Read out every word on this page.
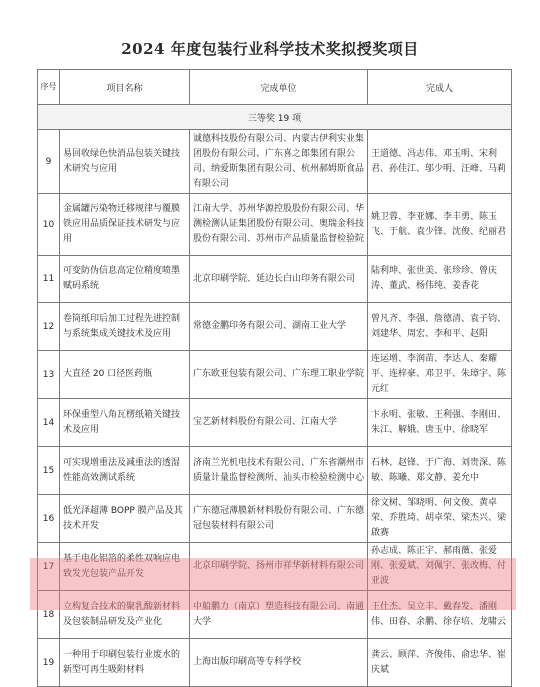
2024 年度包装行业科学技术奖拟授奖项目
序号	项目名称	完成单位	完成人
三等奖 19 项			
9	易回收绿色快消品包装关键技术研究与应用	诚德科技股份有限公司、内蒙古伊利实业集团股份有限公司、广东喜之郎集团有限公司、纳爱斯集团有限公司、杭州郝姆斯食品有限公司	王道德、冯志伟、邓玉明、宋利君、孙佳江、邬少明、汪峰、马莉
10	金属罐污染物迁移规律与覆膜铁应用品质保证技术研发与应用	江南大学、苏州华源控股股份有限公司、华测检测认证集团股份有限公司、奥瑞金科技股份有限公司、苏州市产品质量监督检验院	姚卫蓉、李亚娜、李丰勇、陈玉飞、于航、袁少锋、沈俊、纪丽君
11	可变防伪信息高定位精度喷墨赋码系统	北京印刷学院、延边长白山印务有限公司	陆利坤、张世美、张珍珍、曾庆涛、董武、杨伟纯、姜香花
12	卷筒纸印后加工过程先进控制与系统集成关键技术及应用	常德金鹏印务有限公司、湖南工业大学	曾凡齐、李强、詹德清、袁子钧、刘建华、周宏、李和平、赵阳
13	大直径 20 口径医药瓶	广东欧亚包装有限公司、广东理工职业学院	连运增、李润苗、李达人、秦耀平、连梓豪、邓卫平、朱璋宇、陈元红
14	环保重型八角瓦楞纸箱关键技术及应用	宝艺新材料股份有限公司、江南大学	卞永明、张敏、王利强、李刚田、朱江、解娥、唐玉中、徐晓军
15	可实现增重法及减重法的透湿性能高效测试系统	济南兰光机电技术有限公司、广东省潮州市质量计量监督检测所、汕头市检验检测中心	石林、赵锋、于广海、刘贵深、陈敏、陈曦、郑文静、姜允中
16	低光泽超薄 BOPP 膜产品及其技术开发	广东德冠薄膜新材料股份有限公司、广东德冠包装材料有限公司	徐文树、邹晓明、何文俊、黄卓荣、乔胜琦、胡卓荣、梁杰兴、梁啟赛
17	基于电化铝箔的柔性双响应电致发光包装产品开发	北京印刷学院、扬州市祥华新材料有限公司	孙志成、陈正宇、郝雨薇、张爱刚、张爱斌、刘佩宇、张改梅、付亚波
18	立构复合技术的聚乳酸新材料及包装制品研发及产业化	中船鹏力（南京）塑造科技有限公司、南通大学	王仕杰、吴立丰、戴春发、潘刚伟、田春、余鹏、徐存培、龙啸云
19	一种用于印刷包装行业废水的新型可再生吸附材料	上海出版印刷高等专科学校	龚云、顾萍、齐俊伟、俞忠华、崔庆斌
